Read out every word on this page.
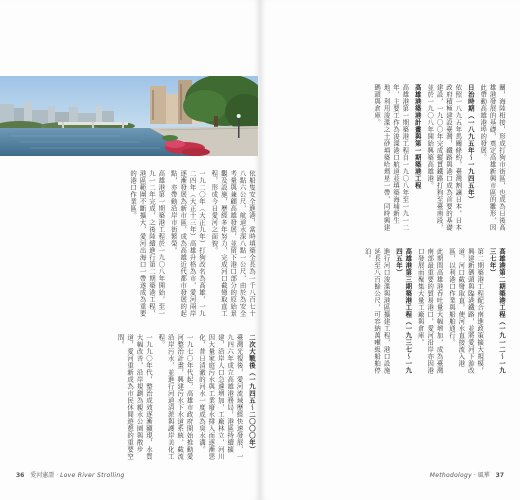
依船隻安全進港，當時填築全長為一千八百七十八點六公尺，航道水深八點一公尺，由於為安全考量與兼顧高雄發展，並留下港口部分的原始景觀及設施，歷經多年努力，完成河口截彎取直工程，形成今日愛河之面貌。

一九二〇年（大正九年）打狗改名為高雄，一九二四年（大正十三年）高雄升格為市，愛河兩岸逐漸發展為新市區，成為高雄近代都市發展的起點，亦帶動沿岸市街繁榮。

高雄港第一期築港工程於一九〇八年開始，至一九一二年完成，之後陸續進行第二期築港工程，港區範圍不斷擴大，愛河出海口一帶遂成為重要的港口作業區。

二次大戰後（一九四五～二〇〇〇年）

臺灣光復後，愛河流域歷經快速發展，一九四六年成立高雄港務局，港區持續擴建，沿岸人口急遽增加，工廠林立，河川因大量家庭污水與工業廢水排入而逐漸惡化，昔日清澈的河水一度成為臭水溝。

一九七〇年代起，高雄市政府開始推動愛河整治計畫，興建污水下水道系統，截流沿岸污水，並進行河道清淤與護岸美化工程。

一九九〇年代，整治成效逐漸顯現，水質大幅改善，沿岸規劃為親水公園與散步道，愛河重新成為市民休閒遊憩的重要空間。

36 愛河憲證 · Love River Strolling

關，海陸相接，形成打狗市街區，也成為日後高雄港發展的基礎，奠定高雄新興市區的雛形，因此帶動高雄港埠的發展。

日治時期（一八九五年～一九四五年）

依照一八九五年馬關條約，臺灣割讓日本，日本政府積極建設臺灣，鐵路與港口成為首要的基礎建設，一九〇〇年完成縱貫鐵路打狗至臺南段，並於一九〇八年開始興築高雄港。

高雄港築港計畫與第一期築港工程

高雄港第一期築港工程自一九〇八年至一九一二年，主要工作為浚渫港口航道並填築海埔新生地，利用浚渫之土砂填築哈瑪星一帶，同時興建碼頭與倉庫。

高雄港第二期築港工程（一九一二～一九三七年）

第二期築港工程配合南進政策擴大規模，興建新碼頭與臨港鐵路，並將愛河下游改道，河口截彎取直，使河水直接流入港區，以利港口作業與船舶通行。

此期間高雄港吞吐量大幅增加，成為臺灣南部最重要的貿易港口，愛河沿岸亦因港口發展而聚集大量工廠與倉庫。

高雄港第三期築港工程（一九三七～一九四五年）

進行河口浚渫與港區擴建工程，港口設施延長至八百餘公尺，可容納萬噸級船舶停泊。

Methodology · 風華 37
